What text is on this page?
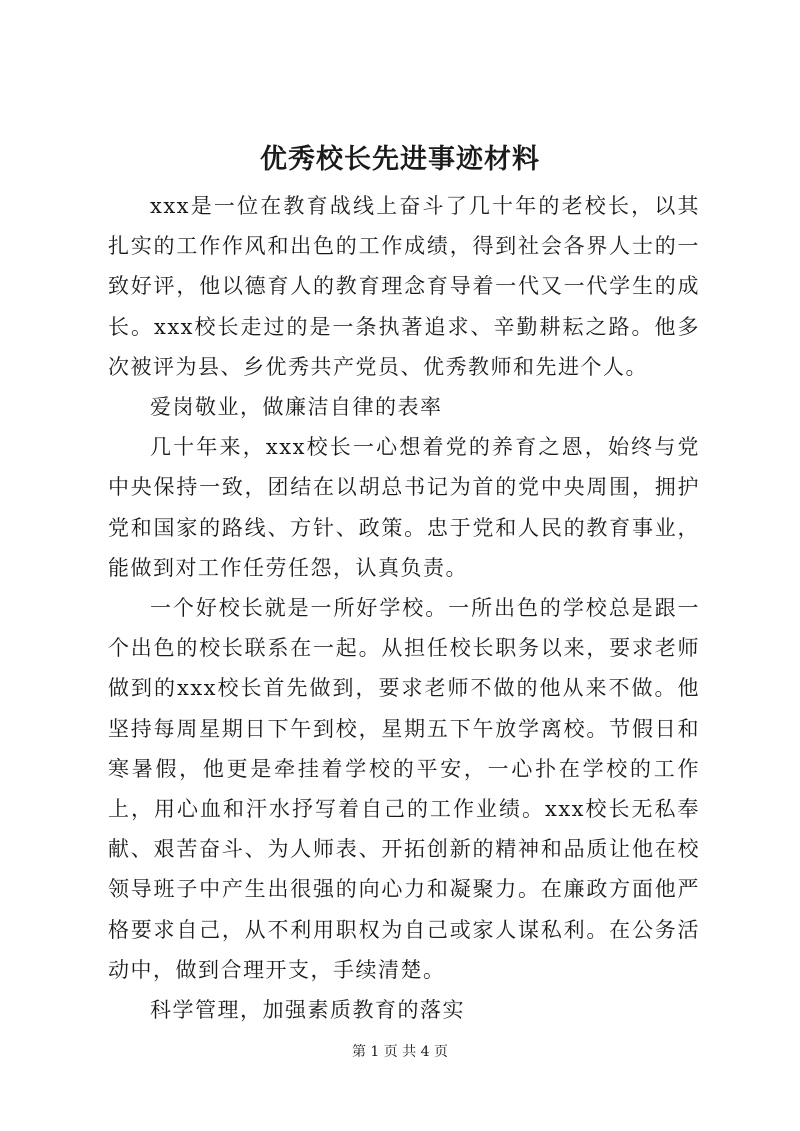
优秀校长先进事迹材料

xxx是一位在教育战线上奋斗了几十年的老校长，以其扎实的工作作风和出色的工作成绩，得到社会各界人士的一致好评，他以德育人的教育理念育导着一代又一代学生的成长。xxx校长走过的是一条执著追求、辛勤耕耘之路。他多次被评为县、乡优秀共产党员、优秀教师和先进个人。

爱岗敬业，做廉洁自律的表率

几十年来，xxx校长一心想着党的养育之恩，始终与党中央保持一致，团结在以胡总书记为首的党中央周围，拥护党和国家的路线、方针、政策。忠于党和人民的教育事业，能做到对工作任劳任怨，认真负责。

一个好校长就是一所好学校。一所出色的学校总是跟一个出色的校长联系在一起。从担任校长职务以来，要求老师做到的xxx校长首先做到，要求老师不做的他从来不做。他坚持每周星期日下午到校，星期五下午放学离校。节假日和寒暑假，他更是牵挂着学校的平安，一心扑在学校的工作上，用心血和汗水抒写着自己的工作业绩。xxx校长无私奉献、艰苦奋斗、为人师表、开拓创新的精神和品质让他在校领导班子中产生出很强的向心力和凝聚力。在廉政方面他严格要求自己，从不利用职权为自己或家人谋私利。在公务活动中，做到合理开支，手续清楚。

科学管理，加强素质教育的落实

第 1 页 共 4 页
